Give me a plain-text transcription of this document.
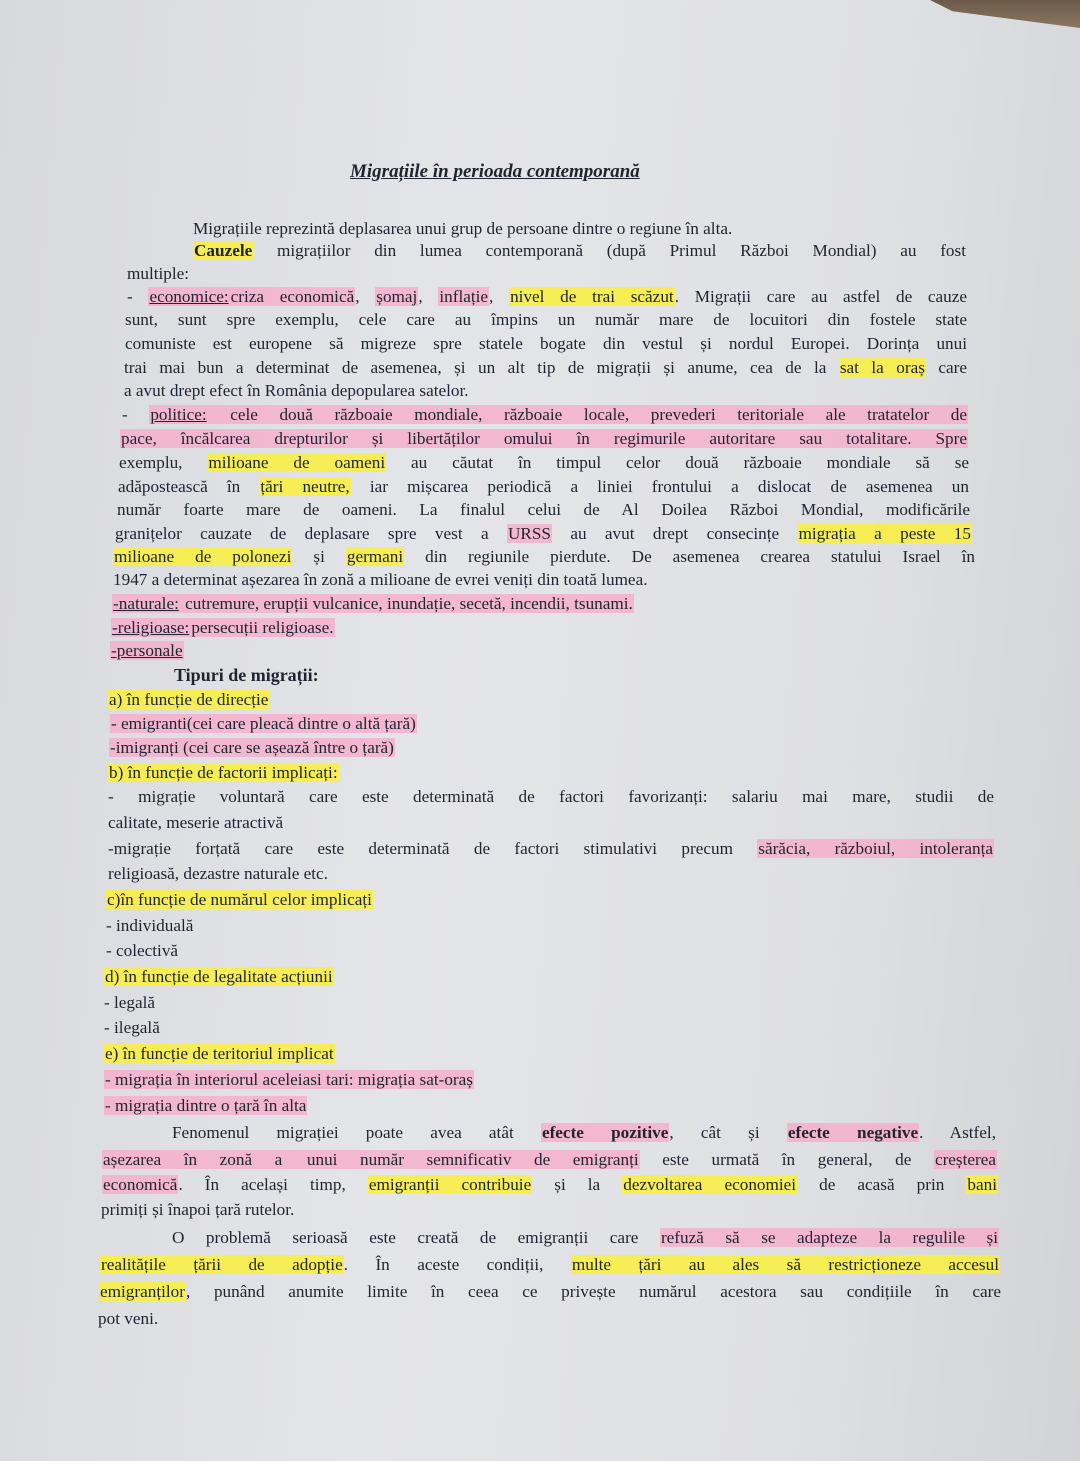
Migrațiile în perioada contemporană
Migrațiile reprezintă deplasarea unui grup de persoane dintre o regiune în alta.
Cauzele migrațiilor din lumea contemporană (după Primul Război Mondial) au fost
multiple:
- economice: criza economică, șomaj, inflație, nivel de trai scăzut. Migrații care au astfel de cauze
sunt, sunt spre exemplu, cele care au împins un număr mare de locuitori din fostele state
comuniste est europene să migreze spre statele bogate din vestul și nordul Europei. Dorința unui
trai mai bun a determinat de asemenea, și un alt tip de migrații și anume, cea de la sat la oraș care
a avut drept efect în România depopularea satelor.
- politice: cele două războaie mondiale, războaie locale, prevederi teritoriale ale tratatelor de
pace, încălcarea drepturilor și libertăților omului în regimurile autoritare sau totalitare. Spre
exemplu, milioane de oameni au căutat în timpul celor două războaie mondiale să se
adăpostească în țări neutre, iar mișcarea periodică a liniei frontului a dislocat de asemenea un
număr foarte mare de oameni. La finalul celui de Al Doilea Război Mondial, modificările
granițelor cauzate de deplasare spre vest a URSS au avut drept consecințe migrația a peste 15
milioane de polonezi și germani din regiunile pierdute. De asemenea crearea statului Israel în
1947 a determinat așezarea în zonă a milioane de evrei veniți din toată lumea.
-naturale: cutremure, erupții vulcanice, inundație, secetă, incendii, tsunami.
-religioase: persecuții religioase.
-personale
Tipuri de migrații:
a) în funcție de direcție
- emigranti(cei care pleacă dintre o altă țară)
-imigranți (cei care se așează între o țară)
b) în funcție de factorii implicați:
- migrație voluntară care este determinată de factori favorizanți: salariu mai mare, studii de
calitate, meserie atractivă
-migrație forțată care este determinată de factori stimulativi precum sărăcia, războiul, intoleranța
religioasă, dezastre naturale etc.
c)în funcție de numărul celor implicați
- individuală
- colectivă
d) în funcție de legalitate acțiunii
- legală
- ilegală
e) în funcție de teritoriul implicat
- migrația în interiorul aceleiasi tari: migrația sat-oraș
- migrația dintre o țară în alta
Fenomenul migrației poate avea atât efecte pozitive, cât și efecte negative. Astfel,
așezarea în zonă a unui număr semnificativ de emigranți este urmată în general, de creșterea
economică. În același timp, emigranții contribuie și la dezvoltarea economiei de acasă prin bani
primiți și înapoi țară rutelor.
O problemă serioasă este creată de emigranții care refuză să se adapteze la regulile și
realitățile țării de adopție. În aceste condiții, multe țări au ales să restricționeze accesul
emigranților, punând anumite limite în ceea ce privește numărul acestora sau condițiile în care
pot veni.
